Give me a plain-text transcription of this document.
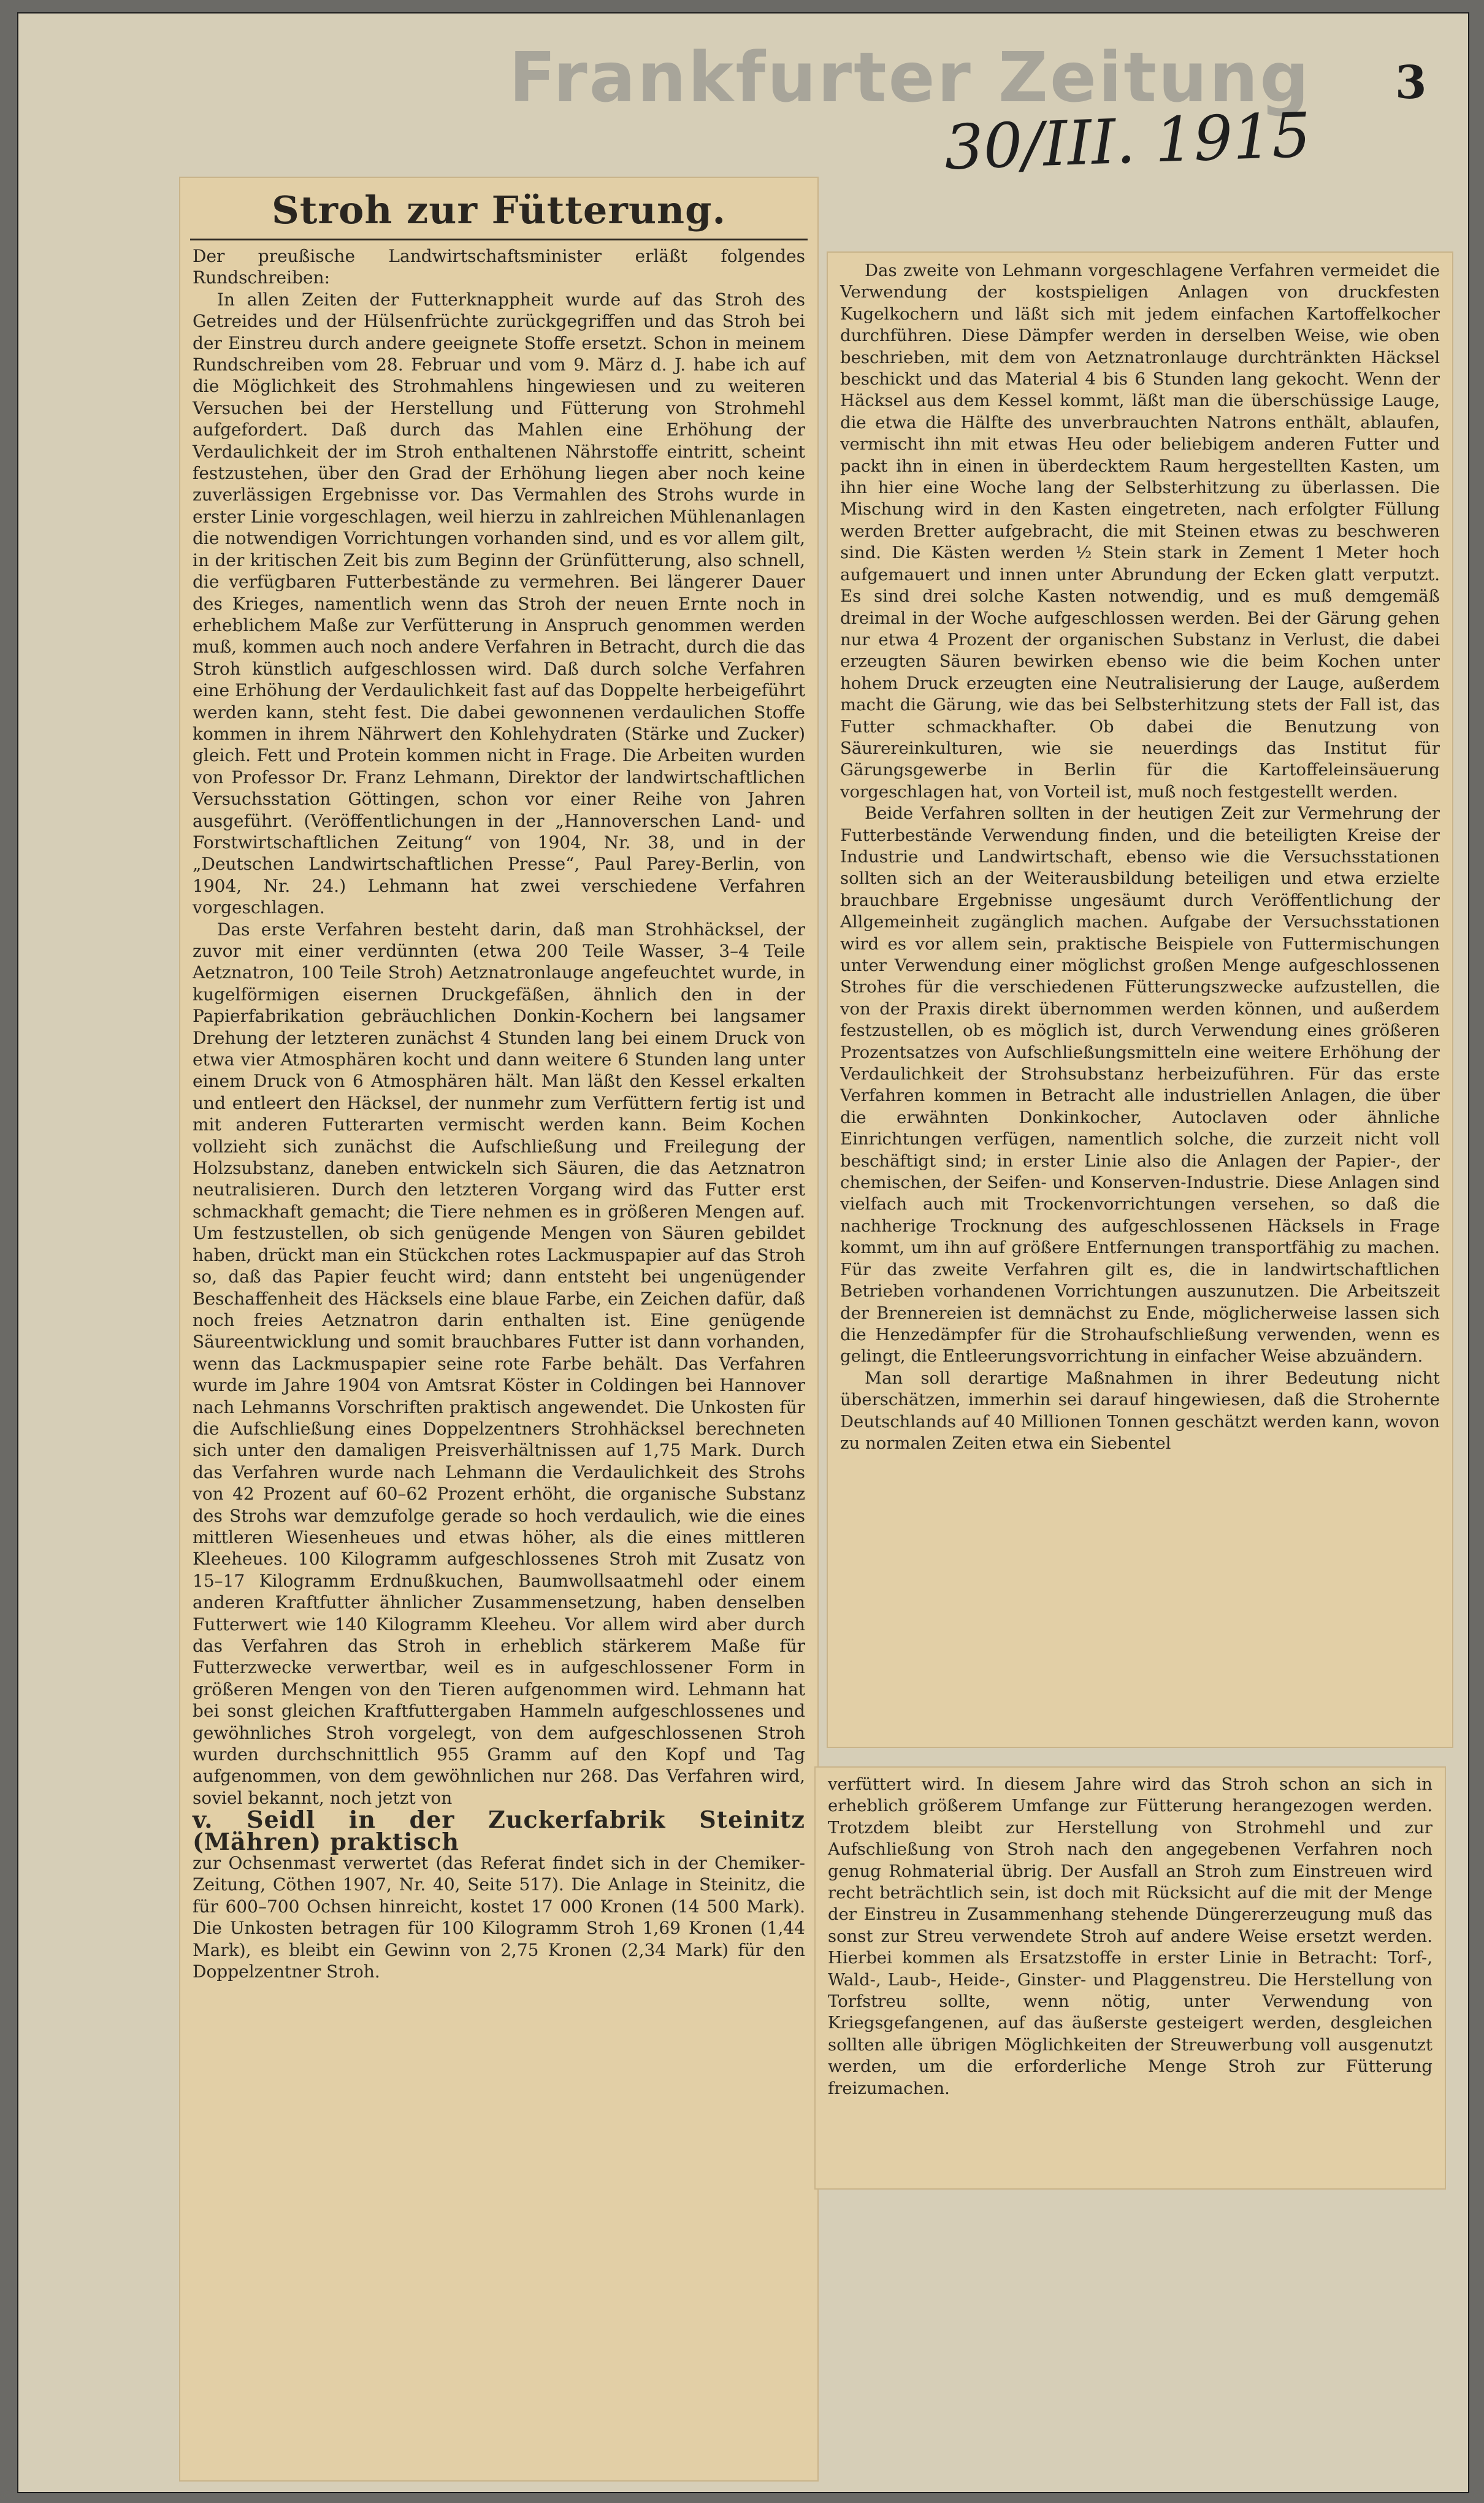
Frankfurter Zeitung 3
30/III. 1915
Stroh zur Fütterung.

Der preußische Landwirtschaftsminister erläßt folgendes Rundschreiben:

In allen Zeiten der Futterknappheit wurde auf das Stroh des Getreides und der Hülsenfrüchte zurückgegriffen und das Stroh bei der Einstreu durch andere geeignete Stoffe ersetzt. Schon in meinem Rundschreiben vom 28. Februar und vom 9. März d. J. habe ich auf die Möglichkeit des Strohmahlens hingewiesen und zu weiteren Versuchen bei der Herstellung und Fütterung von Strohmehl aufgefordert. Daß durch das Mahlen eine Erhöhung der Verdaulichkeit der im Stroh enthaltenen Nährstoffe eintritt, scheint festzustehen, über den Grad der Erhöhung liegen aber noch keine zuverlässigen Ergebnisse vor. Das Vermahlen des Strohs wurde in erster Linie vorgeschlagen, weil hierzu in zahlreichen Mühlenanlagen die notwendigen Vorrichtungen vorhanden sind, und es vor allem gilt, in der kritischen Zeit bis zum Beginn der Grünfütterung, also schnell, die verfügbaren Futterbestände zu vermehren. Bei längerer Dauer des Krieges, namentlich wenn das Stroh der neuen Ernte noch in erheblichem Maße zur Verfütterung in Anspruch genommen werden muß, kommen auch noch andere Verfahren in Betracht, durch die das Stroh künstlich aufgeschlossen wird. Daß durch solche Verfahren eine Erhöhung der Verdaulichkeit fast auf das Doppelte herbeigeführt werden kann, steht fest. Die dabei gewonnenen verdaulichen Stoffe kommen in ihrem Nährwert den Kohlehydraten (Stärke und Zucker) gleich. Fett und Protein kommen nicht in Frage. Die Arbeiten wurden von Professor Dr. Franz Lehmann, Direktor der landwirtschaftlichen Versuchsstation Göttingen, schon vor einer Reihe von Jahren ausgeführt. (Veröffentlichungen in der „Hannoverschen Land- und Forstwirtschaftlichen Zeitung“ von 1904, Nr. 38, und in der „Deutschen Landwirtschaftlichen Presse“, Paul Parey-Berlin, von 1904, Nr. 24.) Lehmann hat zwei verschiedene Verfahren vorgeschlagen.

Das erste Verfahren besteht darin, daß man Strohhäcksel, der zuvor mit einer verdünnten (etwa 200 Teile Wasser, 3–4 Teile Aetznatron, 100 Teile Stroh) Aetznatronlauge angefeuchtet wurde, in kugelförmigen eisernen Druckgefäßen, ähnlich den in der Papierfabrikation gebräuchlichen Donkin-Kochern bei langsamer Drehung der letzteren zunächst 4 Stunden lang bei einem Druck von etwa vier Atmosphären kocht und dann weitere 6 Stunden lang unter einem Druck von 6 Atmosphären hält. Man läßt den Kessel erkalten und entleert den Häcksel, der nunmehr zum Verfüttern fertig ist und mit anderen Futterarten vermischt werden kann. Beim Kochen vollzieht sich zunächst die Aufschließung und Freilegung der Holzsubstanz, daneben entwickeln sich Säuren, die das Aetznatron neutralisieren. Durch den letzteren Vorgang wird das Futter erst schmackhaft gemacht; die Tiere nehmen es in größeren Mengen auf. Um festzustellen, ob sich genügende Mengen von Säuren gebildet haben, drückt man ein Stückchen rotes Lackmuspapier auf das Stroh so, daß das Papier feucht wird; dann entsteht bei ungenügender Beschaffenheit des Häcksels eine blaue Farbe, ein Zeichen dafür, daß noch freies Aetznatron darin enthalten ist. Eine genügende Säureentwicklung und somit brauchbares Futter ist dann vorhanden, wenn das Lackmuspapier seine rote Farbe behält. Das Verfahren wurde im Jahre 1904 von Amtsrat Köster in Coldingen bei Hannover nach Lehmanns Vorschriften praktisch angewendet. Die Unkosten für die Aufschließung eines Doppelzentners Strohhäcksel berechneten sich unter den damaligen Preisverhältnissen auf 1,75 Mark. Durch das Verfahren wurde nach Lehmann die Verdaulichkeit des Strohs von 42 Prozent auf 60–62 Prozent erhöht, die organische Substanz des Strohs war demzufolge gerade so hoch verdaulich, wie die eines mittleren Wiesenheues und etwas höher, als die eines mittleren Kleeheues. 100 Kilogramm aufgeschlossenes Stroh mit Zusatz von 15–17 Kilogramm Erdnußkuchen, Baumwollsaatmehl oder einem anderen Kraftfutter ähnlicher Zusammensetzung, haben denselben Futterwert wie 140 Kilogramm Kleeheu. Vor allem wird aber durch das Verfahren das Stroh in erheblich stärkerem Maße für Futterzwecke verwertbar, weil es in aufgeschlossener Form in größeren Mengen von den Tieren aufgenommen wird. Lehmann hat bei sonst gleichen Kraftfuttergaben Hammeln aufgeschlossenes und gewöhnliches Stroh vorgelegt, von dem aufgeschlossenen Stroh wurden durchschnittlich 955 Gramm auf den Kopf und Tag aufgenommen, von dem gewöhnlichen nur 268. Das Verfahren wird, soviel bekannt, noch jetzt von

v. Seidl in der Zuckerfabrik Steinitz (Mähren) praktisch

zur Ochsenmast verwertet (das Referat findet sich in der Chemiker-Zeitung, Cöthen 1907, Nr. 40, Seite 517). Die Anlage in Steinitz, die für 600–700 Ochsen hinreicht, kostet 17 000 Kronen (14 500 Mark). Die Unkosten betragen für 100 Kilogramm Stroh 1,69 Kronen (1,44 Mark), es bleibt ein Gewinn von 2,75 Kronen (2,34 Mark) für den Doppelzentner Stroh.

Das zweite von Lehmann vorgeschlagene Verfahren vermeidet die Verwendung der kostspieligen Anlagen von druckfesten Kugelkochern und läßt sich mit jedem einfachen Kartoffelkocher durchführen. Diese Dämpfer werden in derselben Weise, wie oben beschrieben, mit dem von Aetznatronlauge durchtränkten Häcksel beschickt und das Material 4 bis 6 Stunden lang gekocht. Wenn der Häcksel aus dem Kessel kommt, läßt man die überschüssige Lauge, die etwa die Hälfte des unverbrauchten Natrons enthält, ablaufen, vermischt ihn mit etwas Heu oder beliebigem anderen Futter und packt ihn in einen in überdecktem Raum hergestellten Kasten, um ihn hier eine Woche lang der Selbsterhitzung zu überlassen. Die Mischung wird in den Kasten eingetreten, nach erfolgter Füllung werden Bretter aufgebracht, die mit Steinen etwas zu beschweren sind. Die Kästen werden ½ Stein stark in Zement 1 Meter hoch aufgemauert und innen unter Abrundung der Ecken glatt verputzt. Es sind drei solche Kasten notwendig, und es muß demgemäß dreimal in der Woche aufgeschlossen werden. Bei der Gärung gehen nur etwa 4 Prozent der organischen Substanz in Verlust, die dabei erzeugten Säuren bewirken ebenso wie die beim Kochen unter hohem Druck erzeugten eine Neutralisierung der Lauge, außerdem macht die Gärung, wie das bei Selbsterhitzung stets der Fall ist, das Futter schmackhafter. Ob dabei die Benutzung von Säurereinkulturen, wie sie neuerdings das Institut für Gärungsgewerbe in Berlin für die Kartoffeleinsäuerung vorgeschlagen hat, von Vorteil ist, muß noch festgestellt werden.

Beide Verfahren sollten in der heutigen Zeit zur Vermehrung der Futterbestände Verwendung finden, und die beteiligten Kreise der Industrie und Landwirtschaft, ebenso wie die Versuchsstationen sollten sich an der Weiterausbildung beteiligen und etwa erzielte brauchbare Ergebnisse ungesäumt durch Veröffentlichung der Allgemeinheit zugänglich machen. Aufgabe der Versuchsstationen wird es vor allem sein, praktische Beispiele von Futtermischungen unter Verwendung einer möglichst großen Menge aufgeschlossenen Strohes für die verschiedenen Fütterungszwecke aufzustellen, die von der Praxis direkt übernommen werden können, und außerdem festzustellen, ob es möglich ist, durch Verwendung eines größeren Prozentsatzes von Aufschließungsmitteln eine weitere Erhöhung der Verdaulichkeit der Strohsubstanz herbeizuführen. Für das erste Verfahren kommen in Betracht alle industriellen Anlagen, die über die erwähnten Donkinkocher, Autoclaven oder ähnliche Einrichtungen verfügen, namentlich solche, die zurzeit nicht voll beschäftigt sind; in erster Linie also die Anlagen der Papier-, der chemischen, der Seifen- und Konserven-Industrie. Diese Anlagen sind vielfach auch mit Trockenvorrichtungen versehen, so daß die nachherige Trocknung des aufgeschlossenen Häcksels in Frage kommt, um ihn auf größere Entfernungen transportfähig zu machen. Für das zweite Verfahren gilt es, die in landwirtschaftlichen Betrieben vorhandenen Vorrichtungen auszunutzen. Die Arbeitszeit der Brennereien ist demnächst zu Ende, möglicherweise lassen sich die Henzedämpfer für die Strohaufschließung verwenden, wenn es gelingt, die Entleerungsvorrichtung in einfacher Weise abzuändern.

Man soll derartige Maßnahmen in ihrer Bedeutung nicht überschätzen, immerhin sei darauf hingewiesen, daß die Strohernte Deutschlands auf 40 Millionen Tonnen geschätzt werden kann, wovon zu normalen Zeiten etwa ein Siebentel

verfüttert wird. In diesem Jahre wird das Stroh schon an sich in erheblich größerem Umfange zur Fütterung herangezogen werden. Trotzdem bleibt zur Herstellung von Strohmehl und zur Aufschließung von Stroh nach den angegebenen Verfahren noch genug Rohmaterial übrig. Der Ausfall an Stroh zum Einstreuen wird recht beträchtlich sein, ist doch mit Rücksicht auf die mit der Menge der Einstreu in Zusammenhang stehende Düngererzeugung muß das sonst zur Streu verwendete Stroh auf andere Weise ersetzt werden. Hierbei kommen als Ersatzstoffe in erster Linie in Betracht: Torf-, Wald-, Laub-, Heide-, Ginster- und Plaggenstreu. Die Herstellung von Torfstreu sollte, wenn nötig, unter Verwendung von Kriegsgefangenen, auf das äußerste gesteigert werden, desgleichen sollten alle übrigen Möglichkeiten der Streuwerbung voll ausgenutzt werden, um die erforderliche Menge Stroh zur Fütterung freizumachen.
